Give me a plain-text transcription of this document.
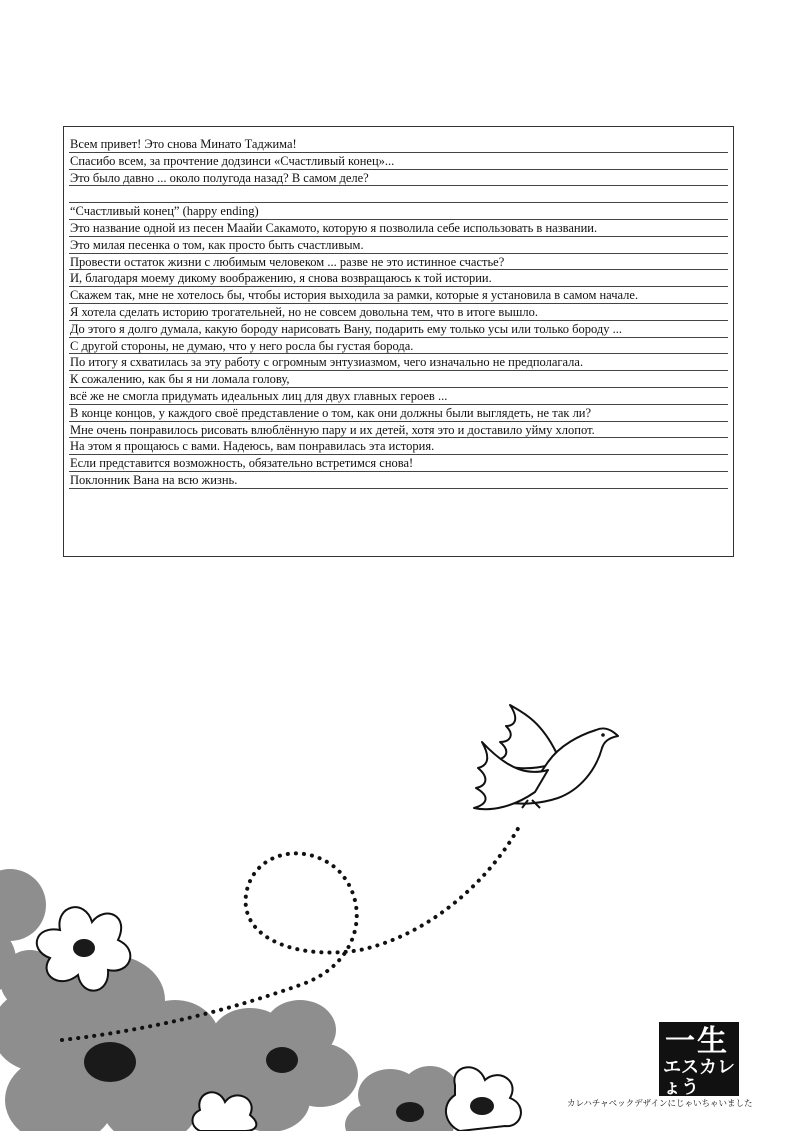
Всем привет! Это снова Минато Таджима!
Спасибо всем, за прочтение додзинси «Счастливый конец»...
Это было давно ... около полугода назад? В самом деле?
“Счастливый конец” (happy ending)
Это название одной из песен Маайи Сакамото, которую я позволила себе использовать в названии.
Это милая песенка о том, как просто быть счастливым.
Провести остаток жизни с любимым человеком ... разве не это истинное счастье?
И, благодаря моему дикому воображению, я снова возвращаюсь к той истории.
Скажем так, мне не хотелось бы, чтобы история выходила за рамки, которые я установила в самом начале.
Я хотела сделать историю трогательней, но не совсем довольна тем, что в итоге вышло.
До этого я долго думала, какую бороду нарисовать Вану, подарить ему только усы или только бороду ...
С другой стороны, не думаю, что у него росла бы густая борода.
По итогу я схватилась за эту работу с огромным энтузиазмом, чего изначально не предполагала.
К сожалению, как бы я ни ломала голову,
всё же не смогла придумать идеальных лиц для двух главных героев ...
В конце концов, у каждого своё представление о том, как они должны были выглядеть, не так ли?
Мне очень понравилось рисовать влюблённую пару и их детей, хотя это и доставило уйму хлопот.
На этом я прощаюсь с вами. Надеюсь, вам понравилась эта история.
Если представится возможность, обязательно встретимся снова!
Поклонник Вана на всю жизнь.
一生
エスカレ ょう
カレハチャペックデザインにじゃいちゃいました
